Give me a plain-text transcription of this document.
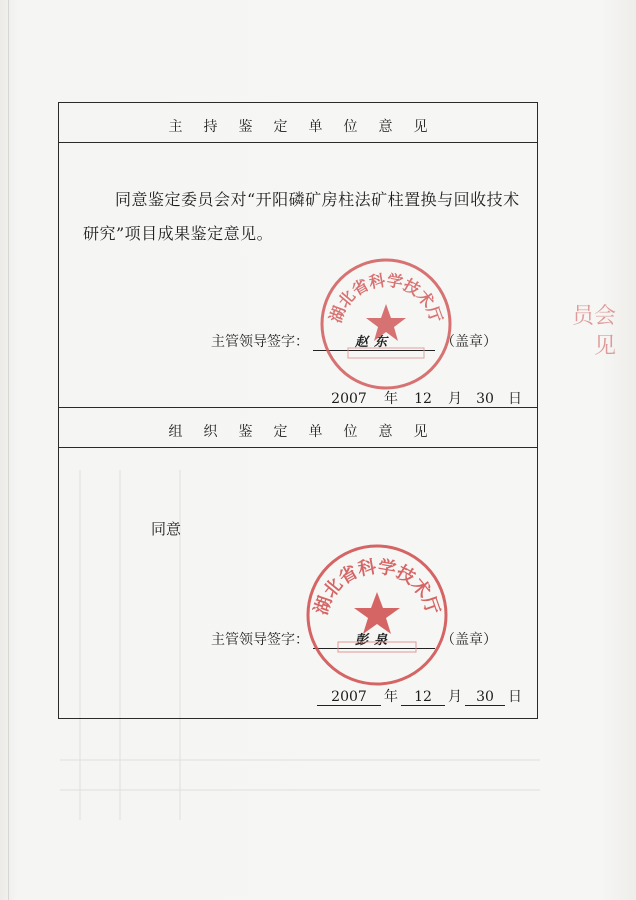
员会
见
主持鉴定单位意见
同意鉴定委员会对“开阳磷矿房柱法矿柱置换与回收技术研究”项目成果鉴定意见。
主管领导签字：	赵东	（盖章）
2007 年 12 月 30 日
组织鉴定单位意见
同意
主管领导签字：	彭泉	（盖章）
2007 年 12 月 30 日
湖北省科学技术厅
湖北省科学技术厅
